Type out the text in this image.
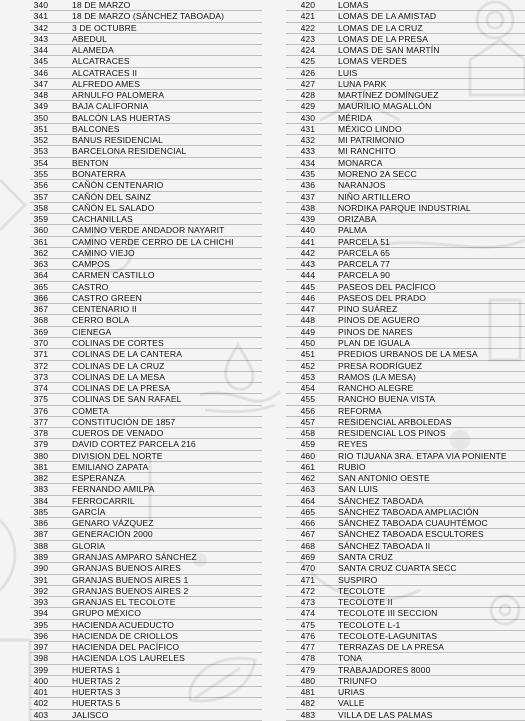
340	18 DE MARZO
341	18 DE MARZO (SÁNCHEZ TABOADA)
342	3 DE OCTUBRE
343	ABEDUL
344	ALAMEDA
345	ALCATRACES
346	ALCATRACES II
347	ALFREDO AMES
348	ARNULFO PALOMERA
349	BAJA CALIFORNIA
350	BALCÓN LAS HUERTAS
351	BALCONES
352	BANUS RESIDENCIAL
353	BARCELONA RESIDENCIAL
354	BENTON
355	BONATERRA
356	CAÑÓN CENTENARIO
357	CAÑÓN DEL SAINZ
358	CAÑÓN EL SALADO
359	CACHANILLAS
360	CAMINO VERDE ANDADOR NAYARIT
361	CAMINO VERDE CERRO DE LA CHICHI
362	CAMINO VIEJO
363	CAMPOS
364	CARMEN CASTILLO
365	CASTRO
366	CASTRO GREEN
367	CENTENARIO II
368	CERRO BOLA
369	CIENEGA
370	COLINAS DE CORTES
371	COLINAS DE LA CANTERA
372	COLINAS DE LA CRUZ
373	COLINAS DE LA MESA
374	COLINAS DE LA PRESA
375	COLINAS DE SAN RAFAEL
376	COMETA
377	CONSTITUCIÓN DE 1857
378	CUEROS DE VENADO
379	DAVID CORTEZ PARCELA 216
380	DIVISION DEL NORTE
381	EMILIANO ZAPATA
382	ESPERANZA
383	FERNANDO AMILPA
384	FERROCARRIL
385	GARCÍA
386	GENARO VÁZQUEZ
387	GENERACIÓN 2000
388	GLORIA
389	GRANJAS AMPARO SÁNCHEZ
390	GRANJAS BUENOS AIRES
391	GRANJAS BUENOS AIRES 1
392	GRANJAS BUENOS AIRES 2
393	GRANJAS EL TECOLOTE
394	GRUPO MÉXICO
395	HACIENDA ACUEDUCTO
396	HACIENDA DE CRIOLLOS
397	HACIENDA DEL PACÍFICO
398	HACIENDA LOS LAURELES
399	HUERTAS 1
400	HUERTAS 2
401	HUERTAS 3
402	HUERTAS 5
403	JALISCO
420	LOMAS
421	LOMAS DE LA AMISTAD
422	LOMAS DE LA CRUZ
423	LOMAS DE LA PRESA
424	LOMAS DE SAN MARTÍN
425	LOMAS VERDES
426	LUIS
427	LUNA PARK
428	MARTÍNEZ DOMÍNGUEZ
429	MAURILIO MAGALLÓN
430	MÉRIDA
431	MÉXICO LINDO
432	MI PATRIMONIO
433	MI RANCHITO
434	MONARCA
435	MORENO 2A SECC
436	NARANJOS
437	NIÑO ARTILLERO
438	NORDIKA PARQUE INDUSTRIAL
439	ORIZABA
440	PALMA
441	PARCELA 51
442	PARCELA 65
443	PARCELA 77
444	PARCELA 90
445	PASEOS DEL PACÍFICO
446	PASEOS DEL PRADO
447	PINO SUÁREZ
448	PINOS DE AGUERO
449	PINOS DE NARES
450	PLAN DE IGUALA
451	PREDIOS URBANOS DE LA MESA
452	PRESA RODRÍGUEZ
453	RAMOS (LA MESA)
454	RANCHO ALEGRE
455	RANCHO BUENA VISTA
456	REFORMA
457	RESIDENCIAL ARBOLEDAS
458	RESIDENCIAL LOS PINOS
459	REYES
460	RIO TIJUANA 3RA. ETAPA VIA PONIENTE
461	RUBIO
462	SAN ANTONIO OESTE
463	SAN LUIS
464	SÁNCHEZ TABOADA
465	SÁNCHEZ TABOADA AMPLIACIÓN
466	SÁNCHEZ TABOADA CUAUHTÉMOC
467	SÁNCHEZ TABOADA ESCULTORES
468	SÁNCHEZ TABOADA II
469	SANTA CRUZ
470	SANTA CRUZ CUARTA SECC
471	SUSPIRO
472	TECOLOTE
473	TECOLOTE II
474	TECOLOTE III SECCION
475	TECOLOTE L-1
476	TECOLOTE-LAGUNITAS
477	TERRAZAS DE LA PRESA
478	TONA
479	TRABAJADORES 8000
480	TRIUNFO
481	URIAS
482	VALLE
483	VILLA DE LAS PALMAS
